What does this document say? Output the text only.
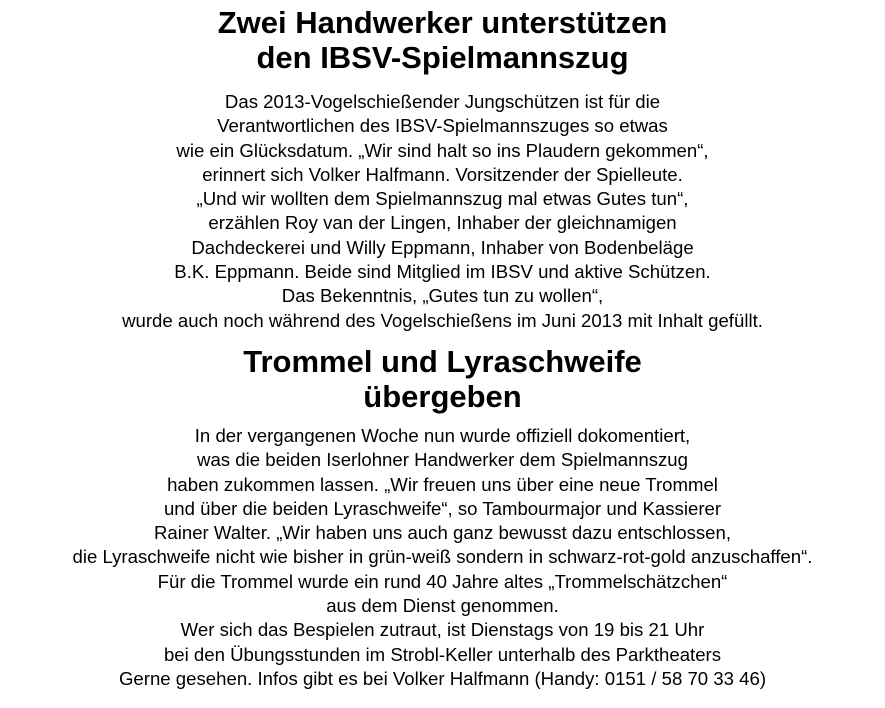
Zwei Handwerker unterstützen
den IBSV-Spielmannszug

Das 2013-Vogelschießender Jungschützen ist für die
Verantwortlichen des IBSV-Spielmannszuges so etwas
wie ein Glücksdatum. „Wir sind halt so ins Plaudern gekommen“,
erinnert sich Volker Halfmann. Vorsitzender der Spielleute.
„Und wir wollten dem Spielmannszug mal etwas Gutes tun“,
erzählen Roy van der Lingen, Inhaber der gleichnamigen
Dachdeckerei und Willy Eppmann, Inhaber von Bodenbeläge
B.K. Eppmann. Beide sind Mitglied im IBSV und aktive Schützen.
Das Bekenntnis, „Gutes tun zu wollen“,
wurde auch noch während des Vogelschießens im Juni 2013 mit Inhalt gefüllt.

Trommel und Lyraschweife
übergeben

In der vergangenen Woche nun wurde offiziell dokomentiert,
was die beiden Iserlohner Handwerker dem Spielmannszug
haben zukommen lassen. „Wir freuen uns über eine neue Trommel
und über die beiden Lyraschweife“, so Tambourmajor und Kassierer
Rainer Walter. „Wir haben uns auch ganz bewusst dazu entschlossen,
die Lyraschweife nicht wie bisher in grün-weiß sondern in schwarz-rot-gold anzuschaffen“.
Für die Trommel wurde ein rund 40 Jahre altes „Trommelschätzchen“
aus dem Dienst genommen.
Wer sich das Bespielen zutraut, ist Dienstags von 19 bis 21 Uhr
bei den Übungsstunden im Strobl-Keller unterhalb des Parktheaters
Gerne gesehen. Infos gibt es bei Volker Halfmann (Handy: 0151 / 58 70 33 46)
